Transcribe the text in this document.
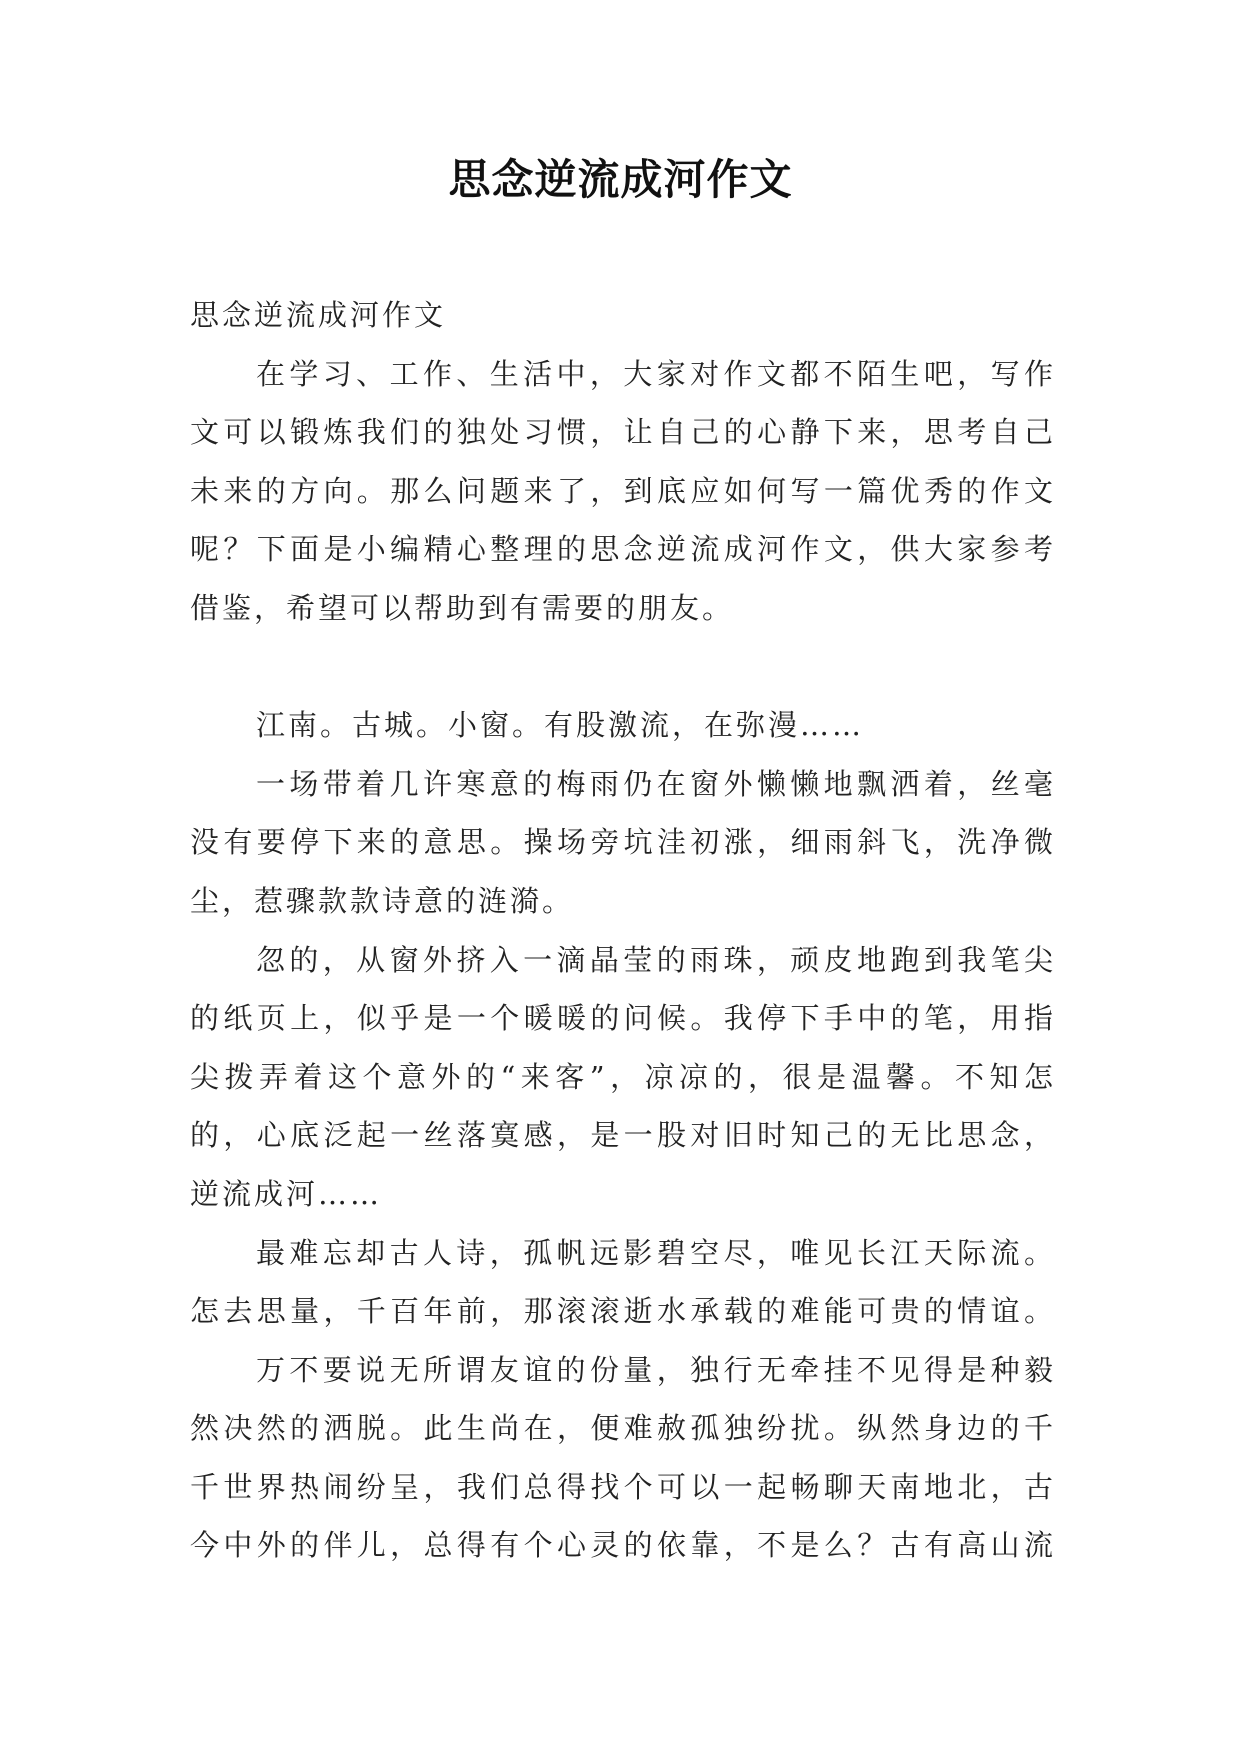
思念逆流成河作文

思念逆流成河作文

在学习、工作、生活中，大家对作文都不陌生吧，写作
文可以锻炼我们的独处习惯，让自己的心静下来，思考自己
未来的方向。那么问题来了，到底应如何写一篇优秀的作文
呢？下面是小编精心整理的思念逆流成河作文，供大家参考
借鉴，希望可以帮助到有需要的朋友。

江南。古城。小窗。有股激流，在弥漫……

一场带着几许寒意的梅雨仍在窗外懒懒地飘洒着，丝毫
没有要停下来的意思。操场旁坑洼初涨，细雨斜飞，洗净微
尘，惹骤款款诗意的涟漪。

忽的，从窗外挤入一滴晶莹的雨珠，顽皮地跑到我笔尖
的纸页上，似乎是一个暖暖的问候。我停下手中的笔，用指
尖拨弄着这个意外的“来客”，凉凉的，很是温馨。不知怎
的，心底泛起一丝落寞感，是一股对旧时知己的无比思念，
逆流成河……

最难忘却古人诗，孤帆远影碧空尽，唯见长江天际流。
怎去思量，千百年前，那滚滚逝水承载的难能可贵的情谊。

万不要说无所谓友谊的份量，独行无牵挂不见得是种毅
然决然的洒脱。此生尚在，便难赦孤独纷扰。纵然身边的千
千世界热闹纷呈，我们总得找个可以一起畅聊天南地北，古
今中外的伴儿，总得有个心灵的依靠，不是么？古有高山流
